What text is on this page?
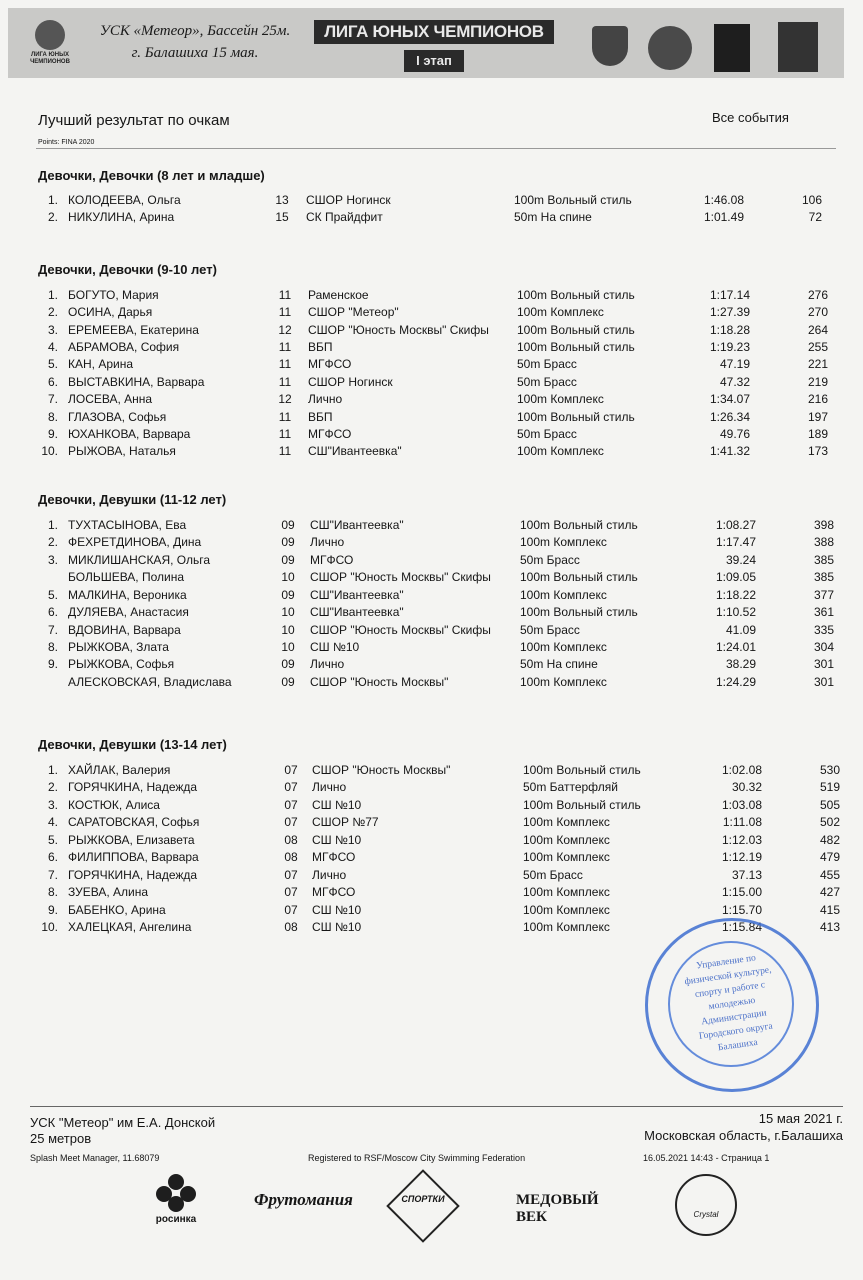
ЛИГА ЮНЫХ ЧЕМПИОНОВ
УСК «Метеор», Бассейн 25м.
г. Балашиха 15 мая.
ЛИГА ЮНЫХ ЧЕМПИОНОВ
I этап
Лучший результат по очкам	Все события
Points: FINA 2020
Девочки, Девочки (8 лет и младше)
1. КОЛОДЕЕВА, Ольга	13	СШОР Ногинск	100m Вольный стиль	1:46.08	106
2. НИКУЛИНА, Арина	15	СК Прайдфит	50m На спине	1:01.49	72
Девочки, Девочки (9-10 лет)
1. БОГУТО, Мария	11	Раменское	100m Вольный стиль	1:17.14	276
2. ОСИНА, Дарья	11	СШОР "Метеор"	100m Комплекс	1:27.39	270
3. ЕРЕМЕЕВА, Екатерина	12	СШОР "Юность Москвы" Скифы 100m Вольный стиль	1:18.28	264
4. АБРАМОВА, София	11	ВБП	100m Вольный стиль	1:19.23	255
5. КАН, Арина	11	МГФСО	50m Брасс	47.19	221
6. ВЫСТАВКИНА, Варвара	11	СШОР Ногинск	50m Брасс	47.32	219
7. ЛОСЕВА, Анна	12	Лично	100m Комплекс	1:34.07	216
8. ГЛАЗОВА, Софья	11	ВБП	100m Вольный стиль	1:26.34	197
9. ЮХАНКОВА, Варвара	11	МГФСО	50m Брасс	49.76	189
10. РЫЖОВА, Наталья	11	СШ"Ивантеевка"	100m Комплекс	1:41.32	173
Девочки, Девушки (11-12 лет)
1. ТУХТАСЫНОВА, Ева	09	СШ"Ивантеевка"	100m Вольный стиль	1:08.27	398
2. ФЕХРЕТДИНОВА, Дина	09	Лично	100m Комплекс	1:17.47	388
3. МИКЛИШАНСКАЯ, Ольга	09	МГФСО	50m Брасс	39.24	385
БОЛЬШЕВА, Полина	10	СШОР "Юность Москвы" Скифы 100m Вольный стиль	1:09.05	385
5. МАЛКИНА, Вероника	09	СШ"Ивантеевка"	100m Комплекс	1:18.22	377
6. ДУЛЯЕВА, Анастасия	10	СШ"Ивантеевка"	100m Вольный стиль	1:10.52	361
7. ВДОВИНА, Варвара	10	СШОР "Юность Москвы" Скифы 50m Брасс	41.09	335
8. РЫЖКОВА, Злата	10	СШ №10	100m Комплекс	1:24.01	304
9. РЫЖКОВА, Софья	09	Лично	50m На спине	38.29	301
АЛЕСКОВСКАЯ, Владислава	09	СШОР "Юность Москвы"	100m Комплекс	1:24.29	301
Девочки, Девушки (13-14 лет)
1. ХАЙЛАК, Валерия	07	СШОР "Юность Москвы"	100m Вольный стиль	1:02.08	530
2. ГОРЯЧКИНА, Надежда	07	Лично	50m Баттерфляй	30.32	519
3. КОСТЮК, Алиса	07	СШ №10	100m Вольный стиль	1:03.08	505
4. САРАТОВСКАЯ, Софья	07	СШОР №77	100m Комплекс	1:11.08	502
5. РЫЖКОВА, Елизавета	08	СШ №10	100m Комплекс	1:12.03	482
6. ФИЛИППОВА, Варвара	08	МГФСО	100m Комплекс	1:12.19	479
7. ГОРЯЧКИНА, Надежда	07	Лично	50m Брасс	37.13	455
8. ЗУЕВА, Алина	07	МГФСО	100m Комплекс	1:15.00	427
9. БАБЕНКО, Арина	07	СШ №10	100m Комплекс	1:15.70	415
10. ХАЛЕЦКАЯ, Ангелина	08	СШ №10	100m Комплекс	1:15.84	413
Управление по физической культуре, спорту и работе с молодежью Администрации Городского округа Балашиха
УСК "Метеор" им Е.А. Донской
25 метров
15 мая 2021 г.
Московская область, г.Балашиха
Splash Meet Manager, 11.68079	Registered to RSF/Moscow City Swimming Federation	16.05.2021 14:43 - Страница 1
росинка
Фрутомания	СПОРТКИ	МЕДОВЫЙ ВЕК	Crystal
